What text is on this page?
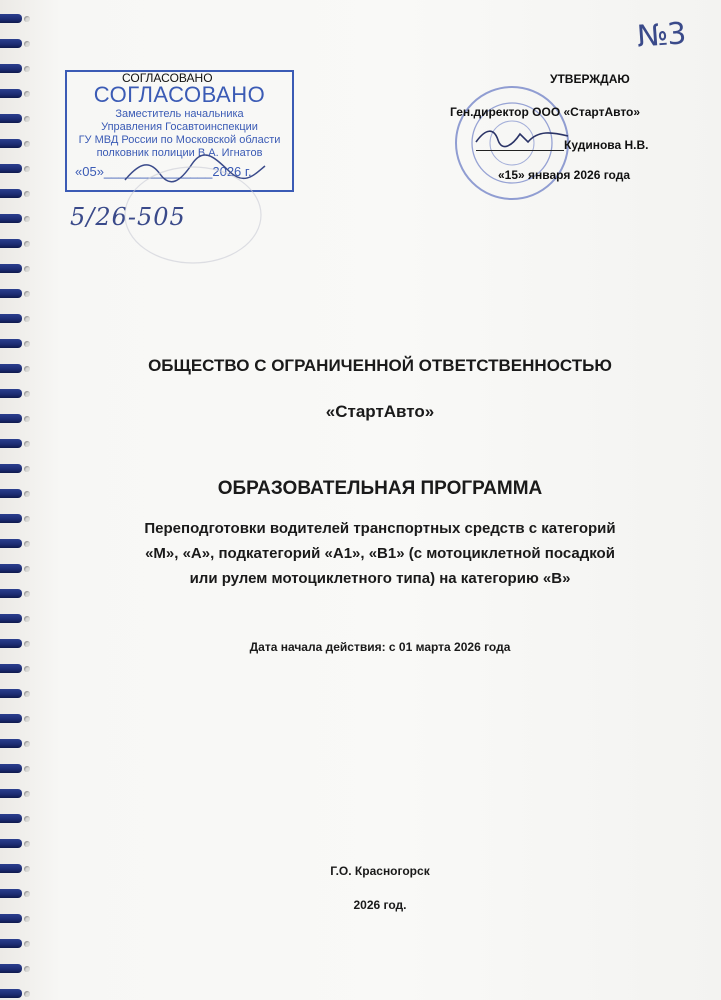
№3
СОГЛАСОВАНО
Заместитель начальника
Управления Госавтоинспекции
ГУ МВД России по Московской области
полковник полиции В.А. Игнатов
«05»_______________2026 г.
СОГЛАСОВАНО
5/26-505
УТВЕРЖДАЮ
Ген.директор ООО «СтартАвто»
Кудинова Н.В.
«15» января 2026 года
ОБЩЕСТВО С ОГРАНИЧЕННОЙ ОТВЕТСТВЕННОСТЬЮ
«СтартАвто»
ОБРАЗОВАТЕЛЬНАЯ ПРОГРАММА
Переподготовки водителей транспортных средств с категорий
«М», «А», подкатегорий «А1», «В1» (с мотоциклетной посадкой
или рулем мотоциклетного типа) на категорию «В»
Дата начала действия: с 01 марта 2026 года
Г.О. Красногорск
2026 год.
